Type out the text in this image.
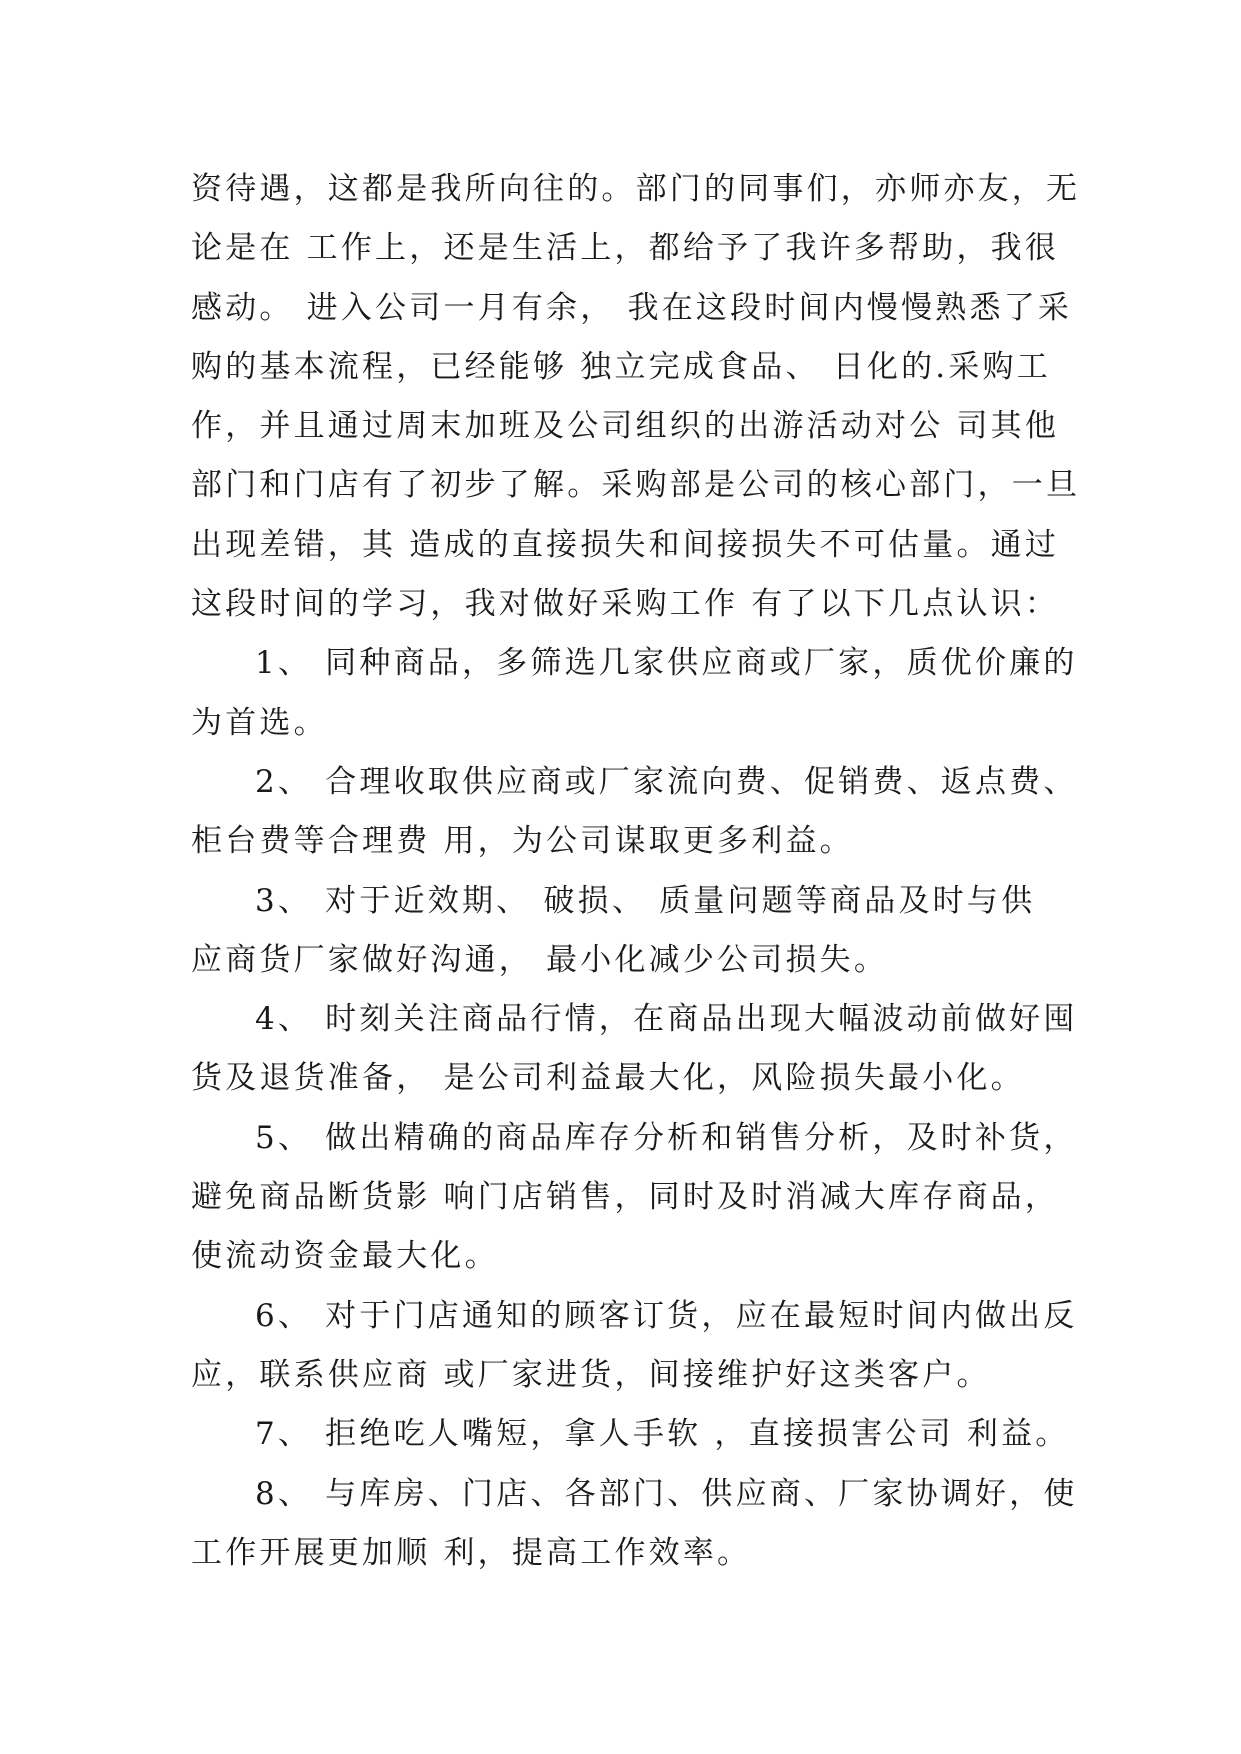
资待遇，这都是我所向往的。部门的同事们，亦师亦友，无
论是在 工作上，还是生活上，都给予了我许多帮助，我很
感动。 进入公司一月有余， 我在这段时间内慢慢熟悉了采
购的基本流程，已经能够 独立完成食品、 日化的.采购工
作，并且通过周末加班及公司组织的出游活动对公 司其他
部门和门店有了初步了解。采购部是公司的核心部门，一旦
出现差错，其 造成的直接损失和间接损失不可估量。通过
这段时间的学习，我对做好采购工作 有了以下几点认识：
1、 同种商品，多筛选几家供应商或厂家，质优价廉的
为首选。
2、 合理收取供应商或厂家流向费、促销费、返点费、
柜台费等合理费 用，为公司谋取更多利益。
3、 对于近效期、 破损、 质量问题等商品及时与供
应商货厂家做好沟通， 最小化减少公司损失。
4、 时刻关注商品行情，在商品出现大幅波动前做好囤
货及退货准备， 是公司利益最大化，风险损失最小化。
5、 做出精确的商品库存分析和销售分析，及时补货，
避免商品断货影 响门店销售，同时及时消减大库存商品，
使流动资金最大化。
6、 对于门店通知的顾客订货，应在最短时间内做出反
应，联系供应商 或厂家进货，间接维护好这类客户。
7、 拒绝吃人嘴短，拿人手软 ，直接损害公司 利益。
8、 与库房、门店、各部门、供应商、厂家协调好，使
工作开展更加顺 利，提高工作效率。
